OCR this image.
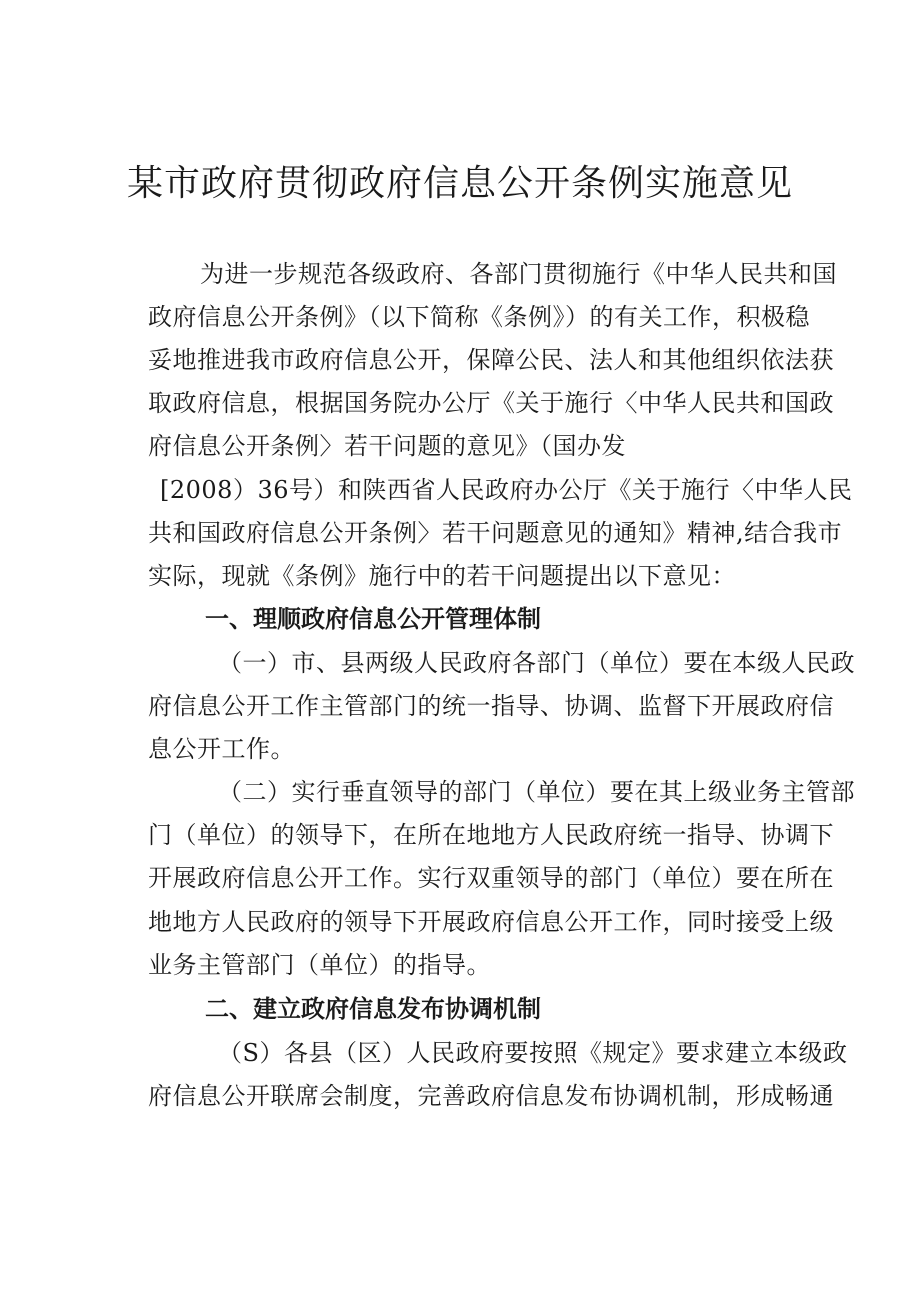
某市政府贯彻政府信息公开条例实施意见

为进一步规范各级政府、各部门贯彻施行《中华人民共和国

政府信息公开条例》（以下简称《条例》）的有关工作，积极稳

妥地推进我市政府信息公开，保障公民、法人和其他组织依法获

取政府信息，根据国务院办公厅《关于施行〈中华人民共和国政

府信息公开条例〉若干问题的意见》（国办发

[2008）36号）和陕西省人民政府办公厅《关于施行〈中华人民

共和国政府信息公开条例〉若干问题意见的通知》精神,结合我市

实际，现就《条例》施行中的若干问题提出以下意见：

一、理顺政府信息公开管理体制

（一）市、县两级人民政府各部门（单位）要在本级人民政

府信息公开工作主管部门的统一指导、协调、监督下开展政府信

息公开工作。

（二）实行垂直领导的部门（单位）要在其上级业务主管部

门（单位）的领导下，在所在地地方人民政府统一指导、协调下

开展政府信息公开工作。实行双重领导的部门（单位）要在所在

地地方人民政府的领导下开展政府信息公开工作，同时接受上级

业务主管部门（单位）的指导。

二、建立政府信息发布协调机制

（S）各县（区）人民政府要按照《规定》要求建立本级政

府信息公开联席会制度，完善政府信息发布协调机制，形成畅通
